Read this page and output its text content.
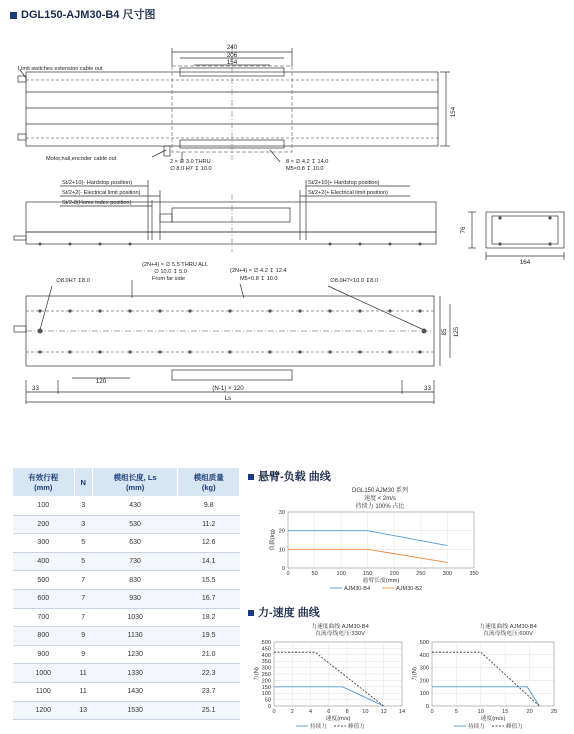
DGL150-AJM30-B4 尺寸图
240
206
154
154
Limit switches extension cable out
Motor,hall,encoder cable out	2 × ∅ 3.0 THRU
∅ 8.0 H7 ↧ 10.0
8 × ∅ 4.2 ↧ 14.0
M5×0.8 ↧ 10.0
St/2+10(- Hardstop position)
St/2+2(- Electrical limit position)
St/2-8(Home index position)
St/2+10(+ Hardstop position)
St/2+2(+ Electrical limit position)
76
164
(2N+4) × ∅ 5.5 THRU ALL
∅ 10.0 ↧ 5.0
From far side
(2N+4) × ∅ 4.2 ↧ 12.4
M5×0.8 ↧ 10.0
∅8.0H7 ↧8.0	∅8.0H7×10.0 ↧8.0
33	33
120
(N-1) × 120
Ls
85 125
有效行程
(mm)	N	模组长度, Ls
(mm)	模组质量
(kg)
100	3	430	9.8
200	3	530	11.2
300	5	630	12.6
400	5	730	14.1
500	7	830	15.5
600	7	930	16.7
700	7	1030	18.2
800	9	1130	19.5
900	9	1230	21.0
1000	11	1330	22.3
1100	11	1430	23.7
1200	13	1530	25.1
悬臂-负载 曲线
力-速度 曲线
DGL150 AJM30 系列
速度 < 2m/s
持续力 100% 占比
0
10
20
30
0	50	100	150	200	250	300	350
悬臂长度(mm)
负载(kg)
AJM30-B4	AJM30-B2
力速度曲线 AJM30-B4
直流母线电压:330V
0
50
100
150
200
250
300
350
400
450
500
0	2	4	6	8 10 12 14
速度(m/s)
力(N)
持续力	峰值力
力速度曲线 AJM30-B4
直流母线电压:600V
0
100
200
300
400
500
0	5	10	15	20	25
速度(m/s)
力(N)
持续力	峰值力
